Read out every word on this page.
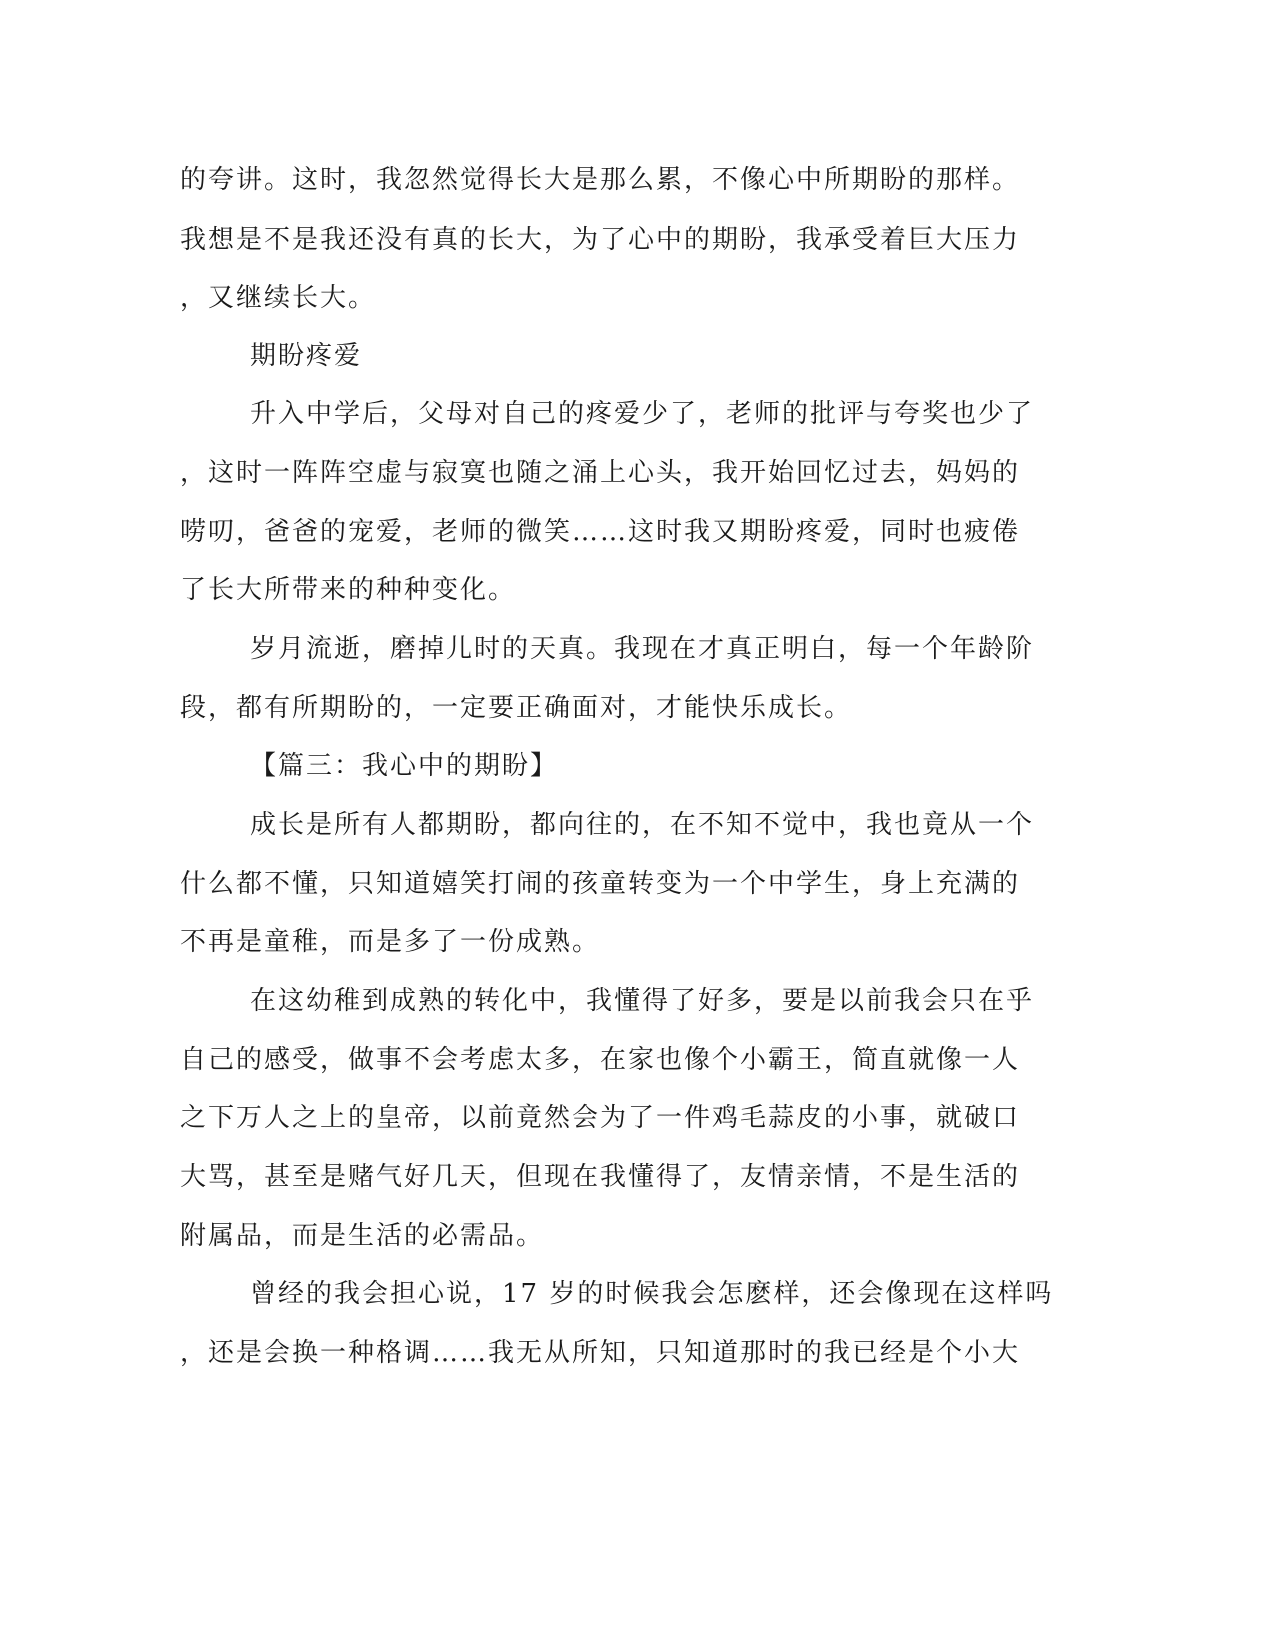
的夸讲。这时，我忽然觉得长大是那么累，不像心中所期盼的那样。
我想是不是我还没有真的长大，为了心中的期盼，我承受着巨大压力
，又继续长大。
期盼疼爱
升入中学后，父母对自己的疼爱少了，老师的批评与夸奖也少了
，这时一阵阵空虚与寂寞也随之涌上心头，我开始回忆过去，妈妈的
唠叨，爸爸的宠爱，老师的微笑……这时我又期盼疼爱，同时也疲倦
了长大所带来的种种变化。
岁月流逝，磨掉儿时的天真。我现在才真正明白，每一个年龄阶
段，都有所期盼的，一定要正确面对，才能快乐成长。
【篇三：我心中的期盼】
成长是所有人都期盼，都向往的，在不知不觉中，我也竟从一个
什么都不懂，只知道嬉笑打闹的孩童转变为一个中学生，身上充满的
不再是童稚，而是多了一份成熟。
在这幼稚到成熟的转化中，我懂得了好多，要是以前我会只在乎
自己的感受，做事不会考虑太多，在家也像个小霸王，简直就像一人
之下万人之上的皇帝，以前竟然会为了一件鸡毛蒜皮的小事，就破口
大骂，甚至是赌气好几天，但现在我懂得了，友情亲情，不是生活的
附属品，而是生活的必需品。
曾经的我会担心说，17 岁的时候我会怎麽样，还会像现在这样吗
，还是会换一种格调……我无从所知，只知道那时的我已经是个小大
